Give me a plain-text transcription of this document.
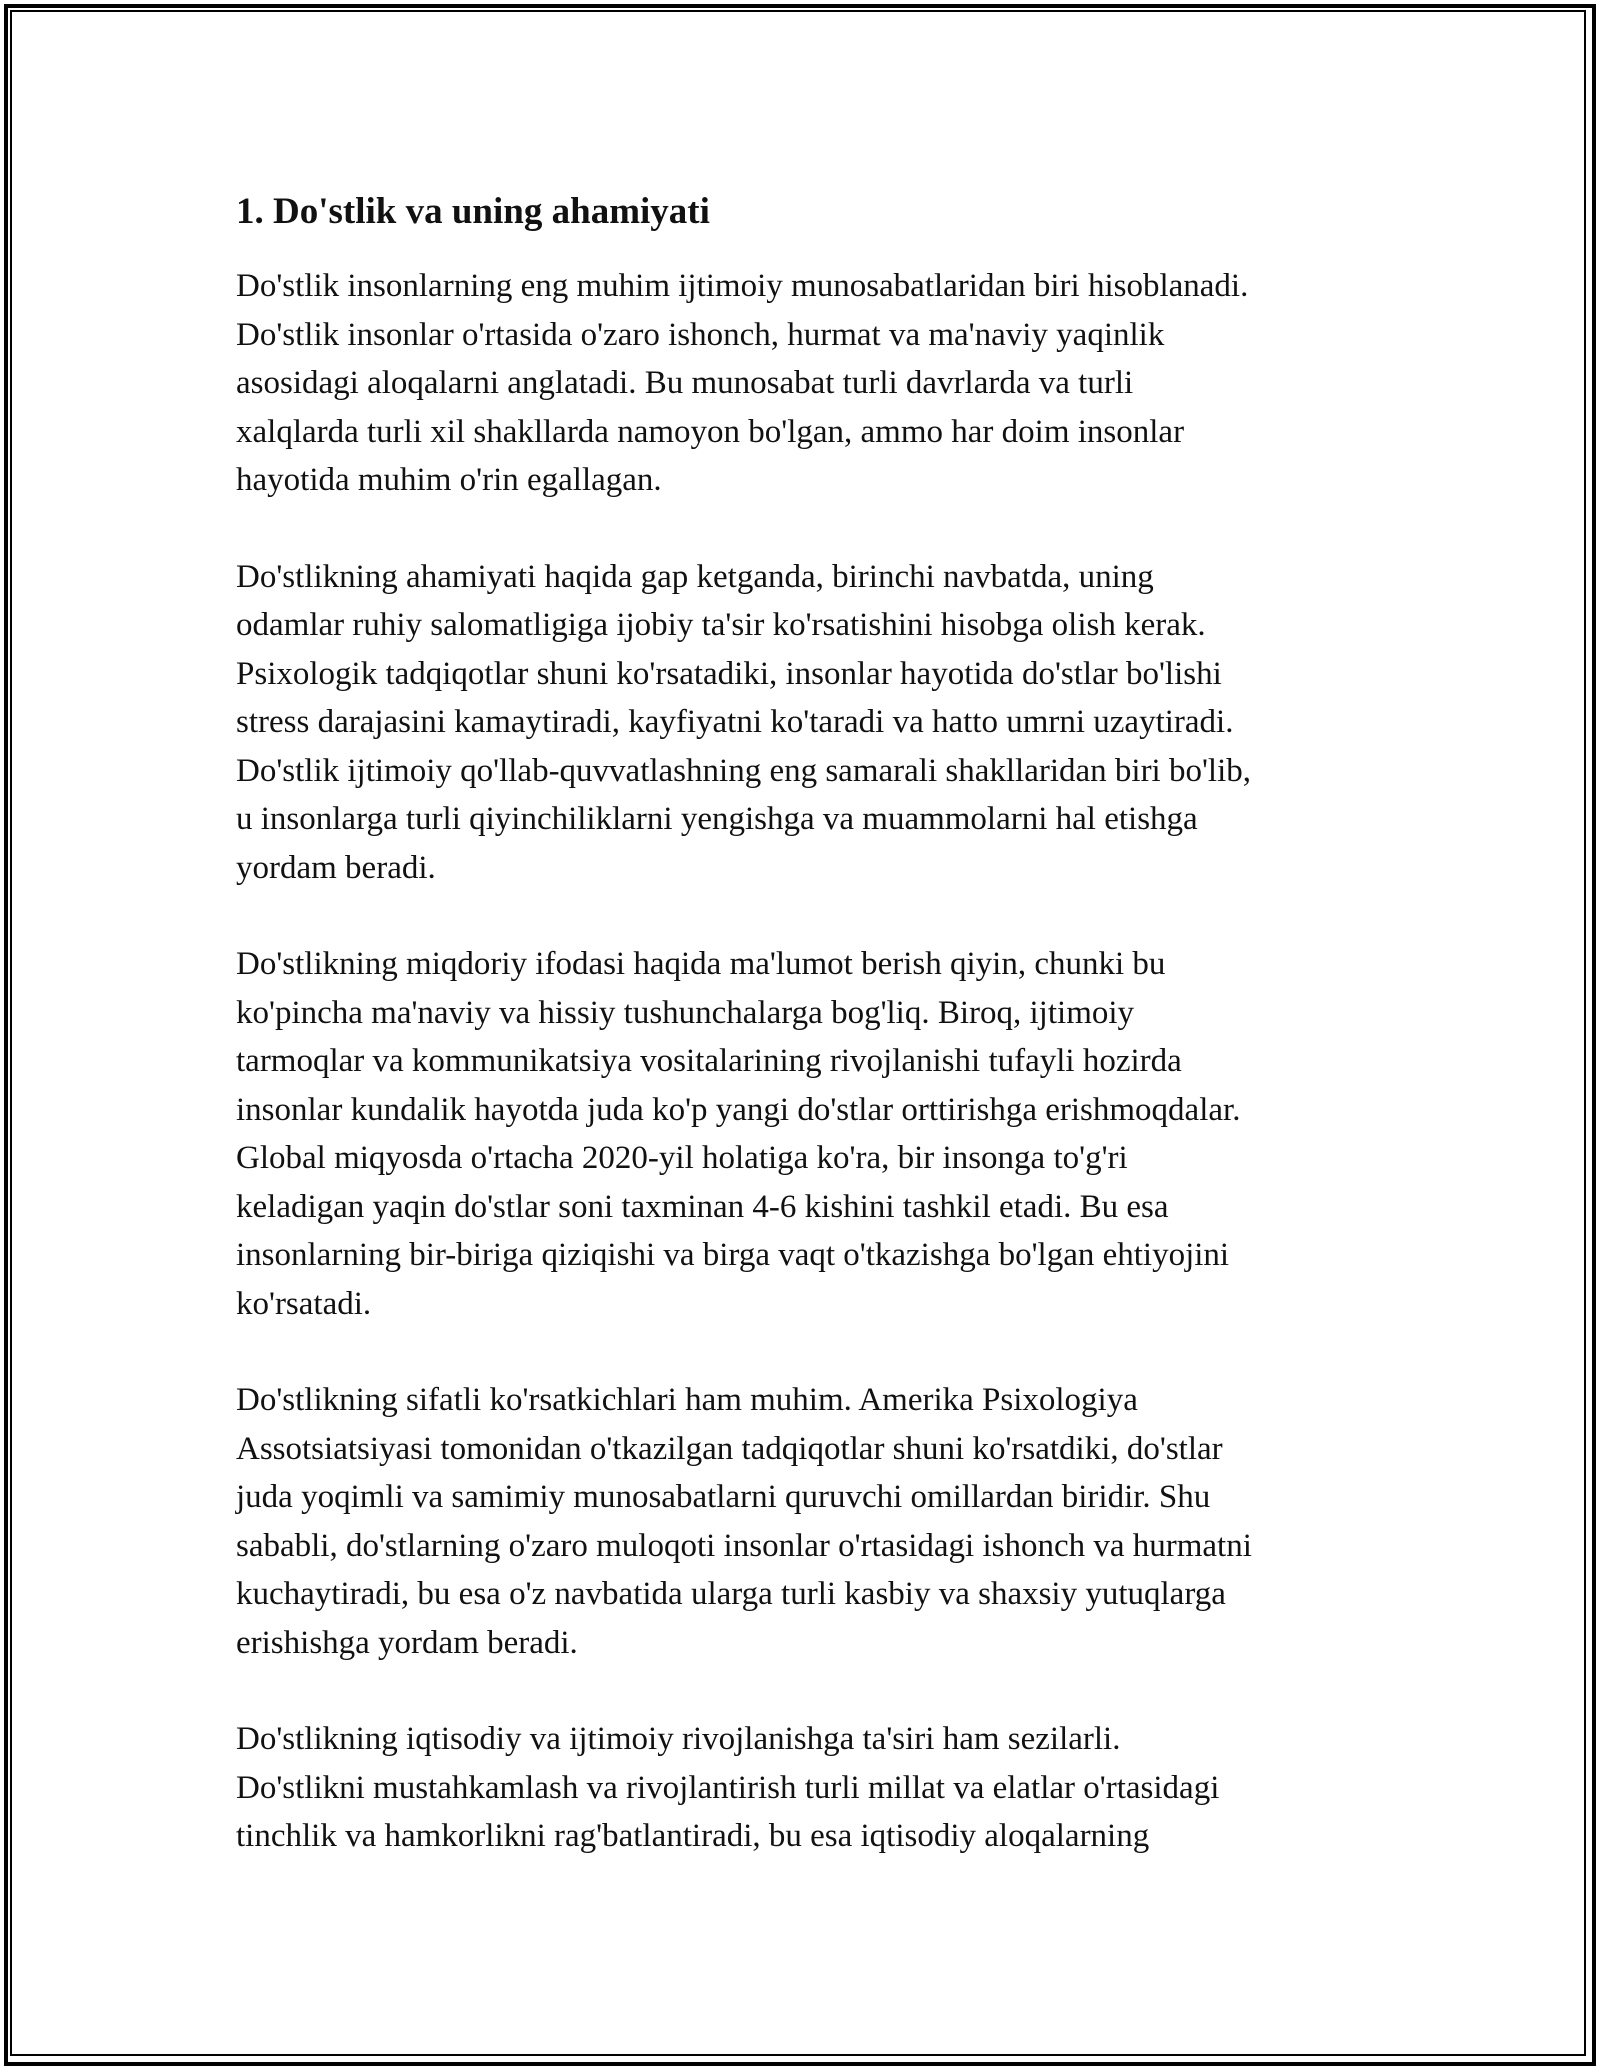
1. Do'stlik va uning ahamiyati

Do'stlik insonlarning eng muhim ijtimoiy munosabatlaridan biri hisoblanadi.
Do'stlik insonlar o'rtasida o'zaro ishonch, hurmat va ma'naviy yaqinlik
asosidagi aloqalarni anglatadi. Bu munosabat turli davrlarda va turli
xalqlarda turli xil shakllarda namoyon bo'lgan, ammo har doim insonlar
hayotida muhim o'rin egallagan.

Do'stlikning ahamiyati haqida gap ketganda, birinchi navbatda, uning
odamlar ruhiy salomatligiga ijobiy ta'sir ko'rsatishini hisobga olish kerak.
Psixologik tadqiqotlar shuni ko'rsatadiki, insonlar hayotida do'stlar bo'lishi
stress darajasini kamaytiradi, kayfiyatni ko'taradi va hatto umrni uzaytiradi.
Do'stlik ijtimoiy qo'llab-quvvatlashning eng samarali shakllaridan biri bo'lib,
u insonlarga turli qiyinchiliklarni yengishga va muammolarni hal etishga
yordam beradi.

Do'stlikning miqdoriy ifodasi haqida ma'lumot berish qiyin, chunki bu
ko'pincha ma'naviy va hissiy tushunchalarga bog'liq. Biroq, ijtimoiy
tarmoqlar va kommunikatsiya vositalarining rivojlanishi tufayli hozirda
insonlar kundalik hayotda juda ko'p yangi do'stlar orttirishga erishmoqdalar.
Global miqyosda o'rtacha 2020-yil holatiga ko'ra, bir insonga to'g'ri
keladigan yaqin do'stlar soni taxminan 4-6 kishini tashkil etadi. Bu esa
insonlarning bir-biriga qiziqishi va birga vaqt o'tkazishga bo'lgan ehtiyojini
ko'rsatadi.

Do'stlikning sifatli ko'rsatkichlari ham muhim. Amerika Psixologiya
Assotsiatsiyasi tomonidan o'tkazilgan tadqiqotlar shuni ko'rsatdiki, do'stlar
juda yoqimli va samimiy munosabatlarni quruvchi omillardan biridir. Shu
sababli, do'stlarning o'zaro muloqoti insonlar o'rtasidagi ishonch va hurmatni
kuchaytiradi, bu esa o'z navbatida ularga turli kasbiy va shaxsiy yutuqlarga
erishishga yordam beradi.

Do'stlikning iqtisodiy va ijtimoiy rivojlanishga ta'siri ham sezilarli.
Do'stlikni mustahkamlash va rivojlantirish turli millat va elatlar o'rtasidagi
tinchlik va hamkorlikni rag'batlantiradi, bu esa iqtisodiy aloqalarning
